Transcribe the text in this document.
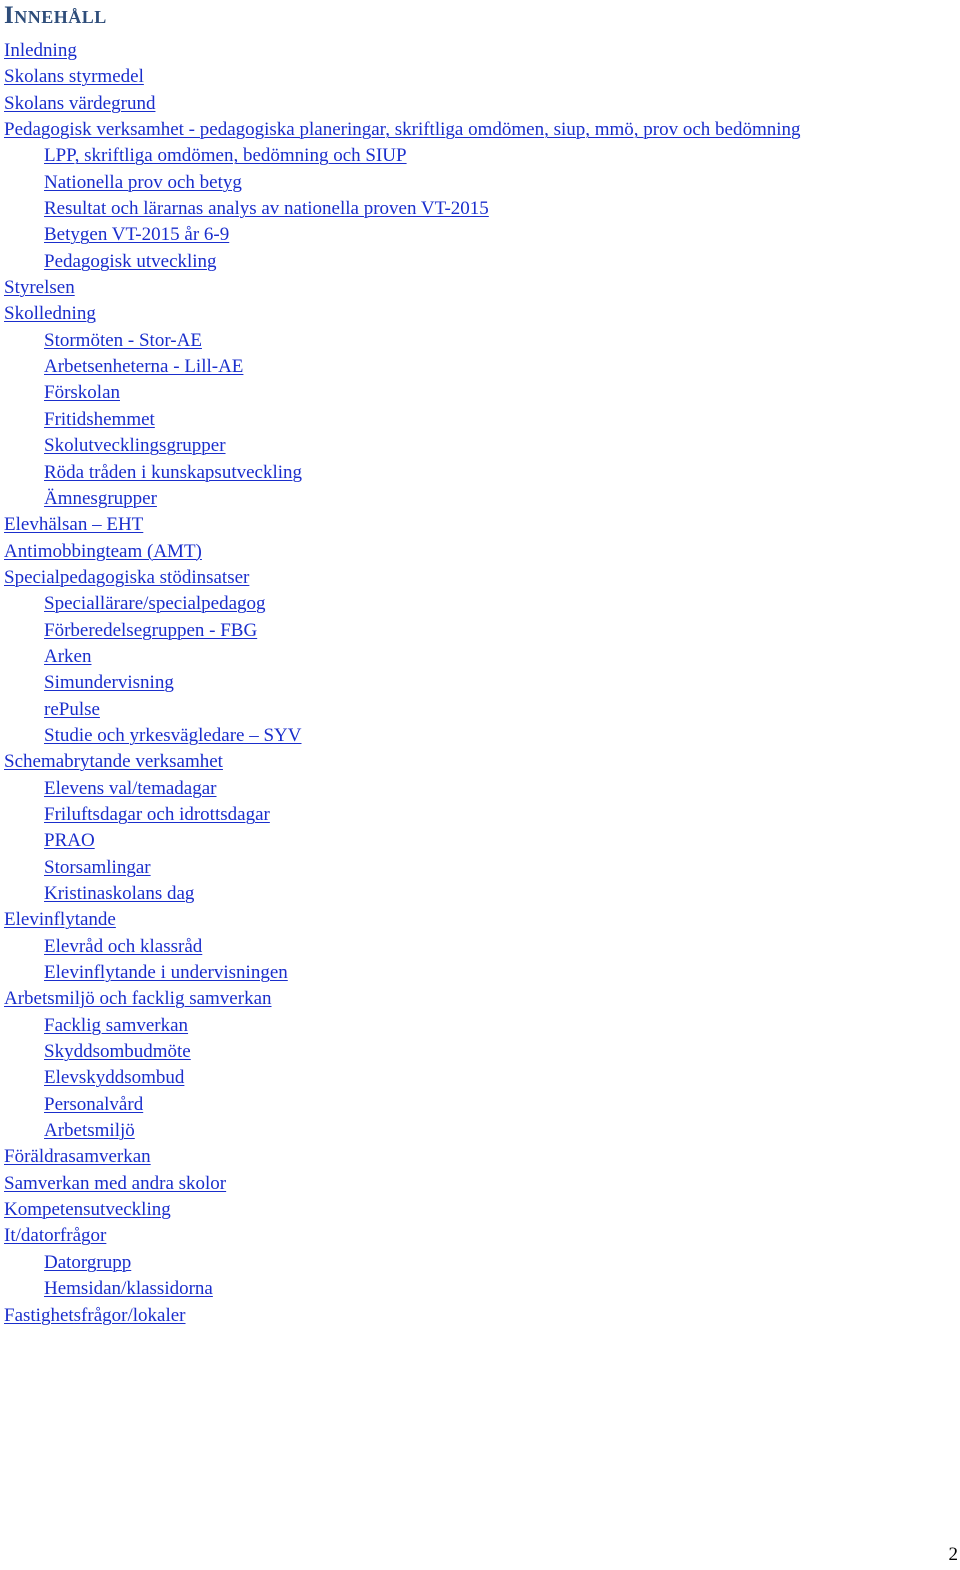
Innehåll
Inledning
Skolans styrmedel
Skolans värdegrund
Pedagogisk verksamhet - pedagogiska planeringar, skriftliga omdömen, siup, mmö, prov och bedömning
LPP, skriftliga omdömen, bedömning och SIUP
Nationella prov och betyg
Resultat och lärarnas analys av nationella proven VT-2015
Betygen VT-2015 år 6-9
Pedagogisk utveckling
Styrelsen
Skolledning
Stormöten - Stor-AE
Arbetsenheterna - Lill-AE
Förskolan
Fritidshemmet
Skolutvecklingsgrupper
Röda tråden i kunskapsutveckling
Ämnesgrupper
Elevhälsan – EHT
Antimobbingteam (AMT)
Specialpedagogiska stödinsatser
Speciallärare/specialpedagog
Förberedelsegruppen - FBG
Arken
Simundervisning
rePulse
Studie och yrkesvägledare – SYV
Schemabrytande verksamhet
Elevens val/temadagar
Friluftsdagar och idrottsdagar
PRAO
Storsamlingar
Kristinaskolans dag
Elevinflytande
Elevråd och klassråd
Elevinflytande i undervisningen
Arbetsmiljö och facklig samverkan
Facklig samverkan
Skyddsombudmöte
Elevskyddsombud
Personalvård
Arbetsmiljö
Föräldrasamverkan
Samverkan med andra skolor
Kompetensutveckling
It/datorfrågor
Datorgrupp
Hemsidan/klassidorna
Fastighetsfrågor/lokaler
2
